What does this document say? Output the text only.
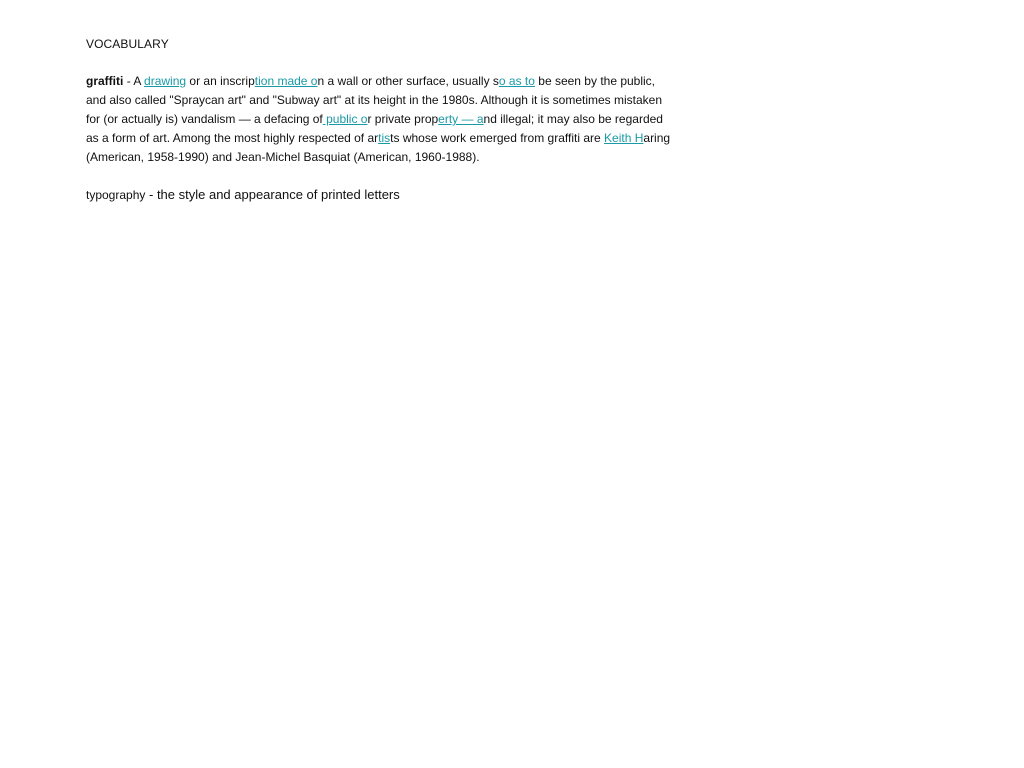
VOCABULARY
graffiti - A drawing or an inscription made on a wall or other surface, usually so as to be seen by the public,
and also called "Spraycan art" and "Subway art" at its height in the 1980s. Although it is sometimes mistaken
for (or actually is) vandalism — a defacing of public or private property — and illegal; it may also be regarded
as a form of art. Among the most highly respected of artists whose work emerged from graffiti are Keith Haring
(American, 1958-1990) and Jean-Michel Basquiat (American, 1960-1988).
typography - the style and appearance of printed letters
